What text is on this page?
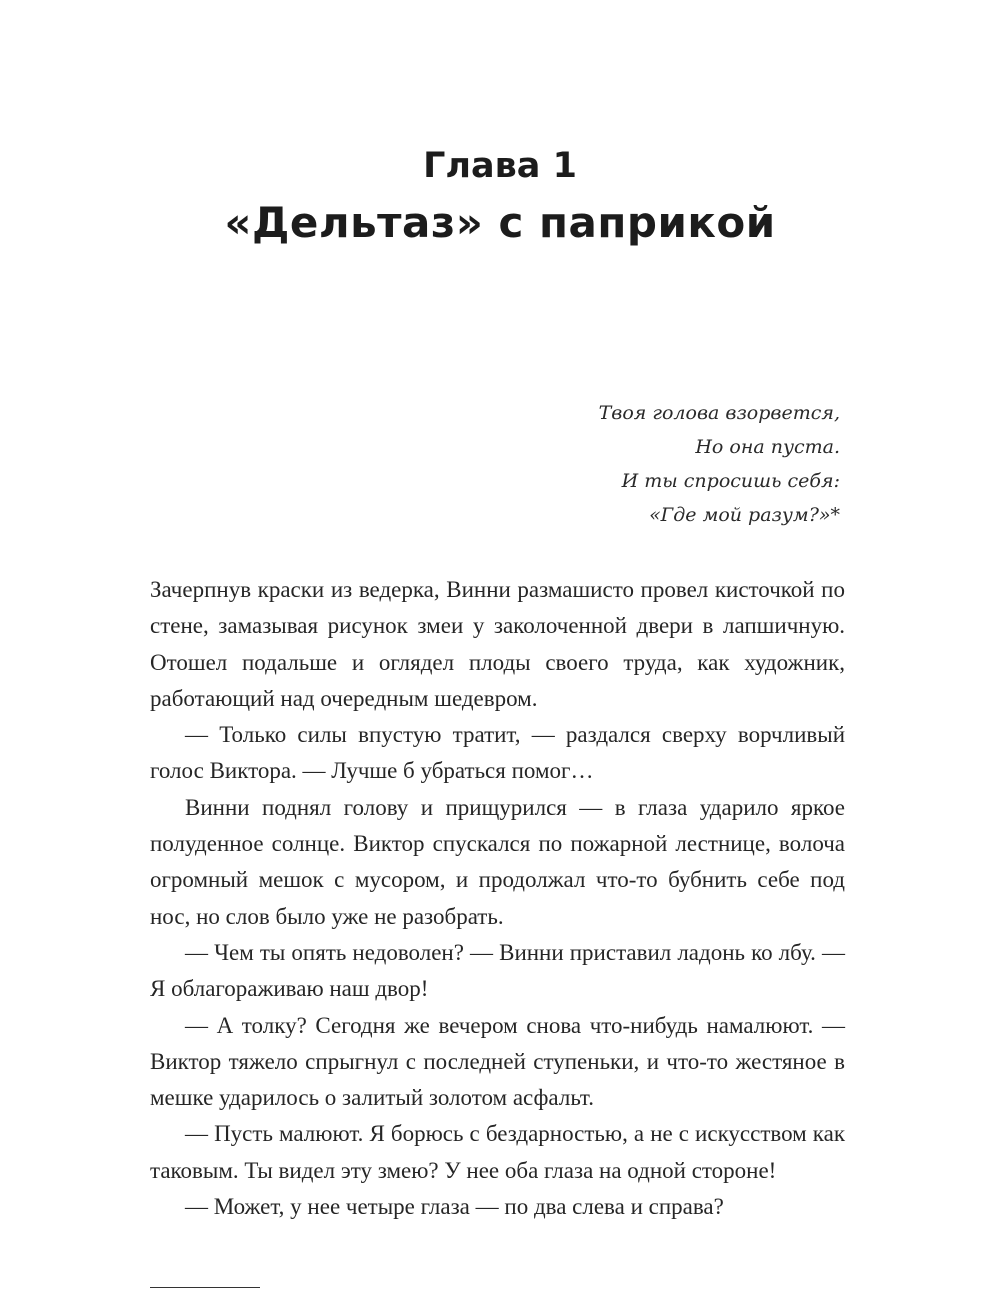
Глава 1
«Дельтаз» с паприкой
Твоя голова взорвется,
Но она пуста.
И ты спросишь себя:
«Где мой разум?»*

Зачерпнув краски из ведерка, Винни размашисто провел кисточкой по стене, замазывая рисунок змеи у заколоченной двери в лапшичную. Отошел подальше и оглядел плоды своего труда, как художник, работающий над очередным шедевром.

— Только силы впустую тратит, — раздался сверху ворчливый голос Виктора. — Лучше б убраться помог…

Винни поднял голову и прищурился — в глаза ударило яркое полуденное солнце. Виктор спускался по пожарной лестнице, волоча огромный мешок с мусором, и продолжал что-то бубнить себе под нос, но слов было уже не разобрать.

— Чем ты опять недоволен? — Винни приставил ладонь ко лбу. — Я облагораживаю наш двор!

— А толку? Сегодня же вечером снова что-нибудь намалюют. — Виктор тяжело спрыгнул с последней ступеньки, и что-то жестяное в мешке ударилось о залитый золотом асфальт.

— Пусть малюют. Я борюсь с бездарностью, а не с искусством как таковым. Ты видел эту змею? У нее оба глаза на одной стороне!

— Может, у нее четыре глаза — по два слева и справа?
